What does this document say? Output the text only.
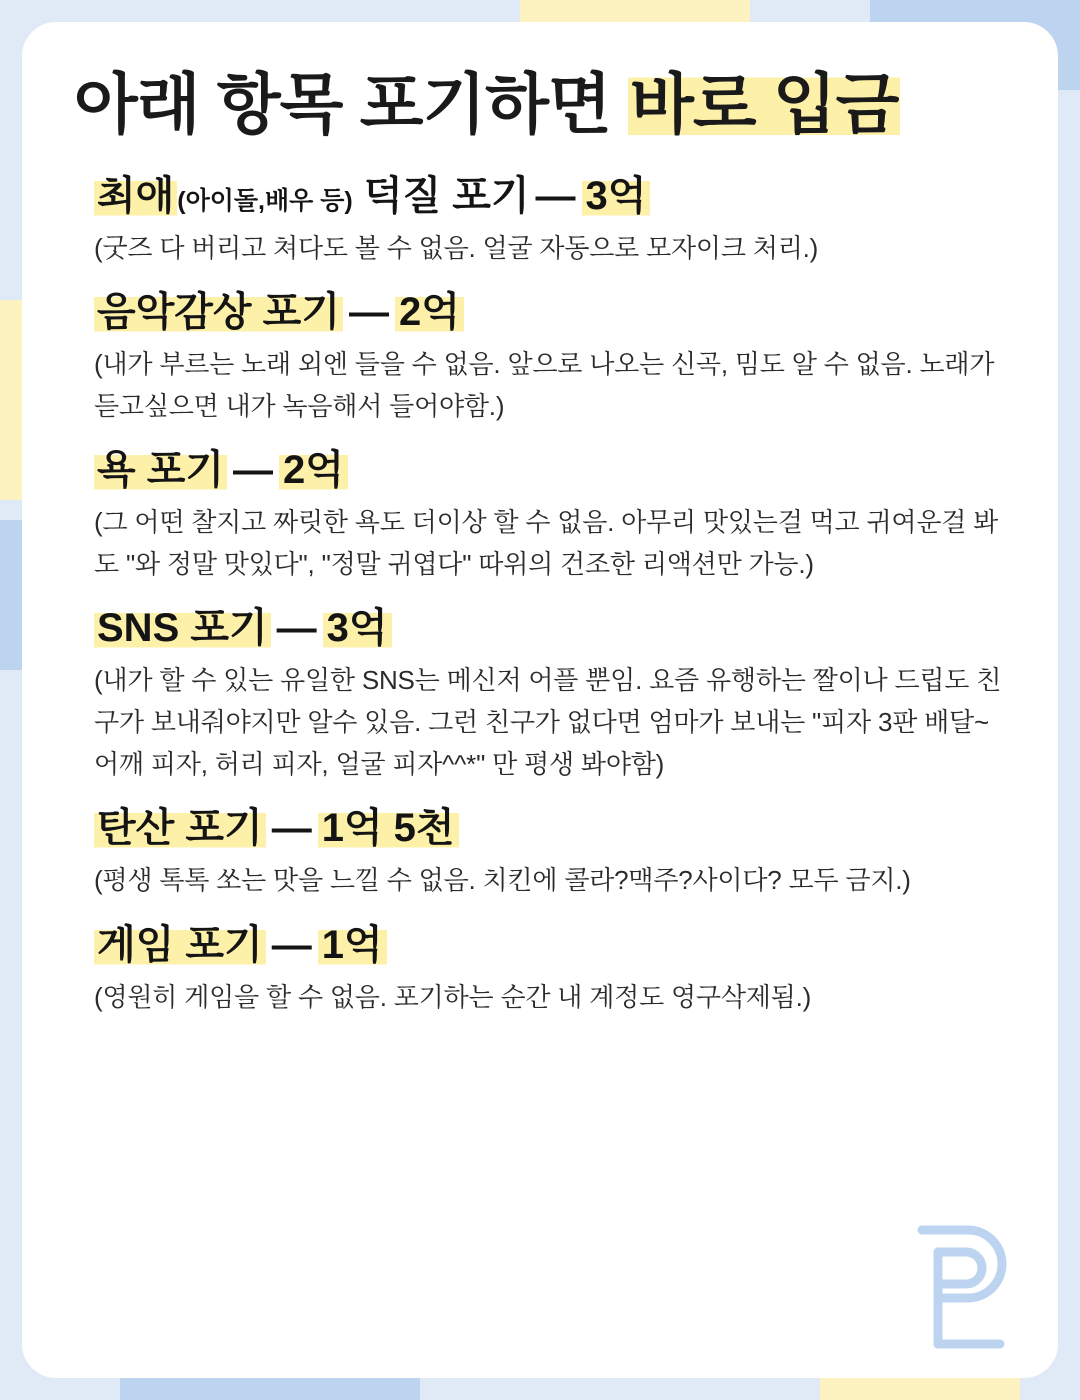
아래 항목 포기하면 바로 입금
최애 (아이돌,배우 등) 덕질 포기 — 3억

(굿즈 다 버리고 쳐다도 볼 수 없음. 얼굴 자동으로 모자이크 처리.)

음악감상 포기 — 2억

(내가 부르는 노래 외엔 들을 수 없음. 앞으로 나오는 신곡, 밈도 알 수 없음. 노래가 듣고싶으면 내가 녹음해서 들어야함.)

욕 포기 — 2억

(그 어떤 찰지고 짜릿한 욕도 더이상 할 수 없음. 아무리 맛있는걸 먹고 귀여운걸 봐도 "와 정말 맛있다", "정말 귀엽다" 따위의 건조한 리액션만 가능.)

SNS 포기 — 3억

(내가 할 수 있는 유일한 SNS는 메신저 어플 뿐임. 요즘 유행하는 짤이나 드립도 친구가 보내줘야지만 알수 있음. 그런 친구가 없다면 엄마가 보내는 "피자 3판 배달~ 어깨 피자, 허리 피자, 얼굴 피자^^*" 만 평생 봐야함)

탄산 포기 — 1억 5천

(평생 톡톡 쏘는 맛을 느낄 수 없음. 치킨에 콜라?맥주?사이다? 모두 금지.)

게임 포기 — 1억

(영원히 게임을 할 수 없음. 포기하는 순간 내 계정도 영구삭제됨.)
